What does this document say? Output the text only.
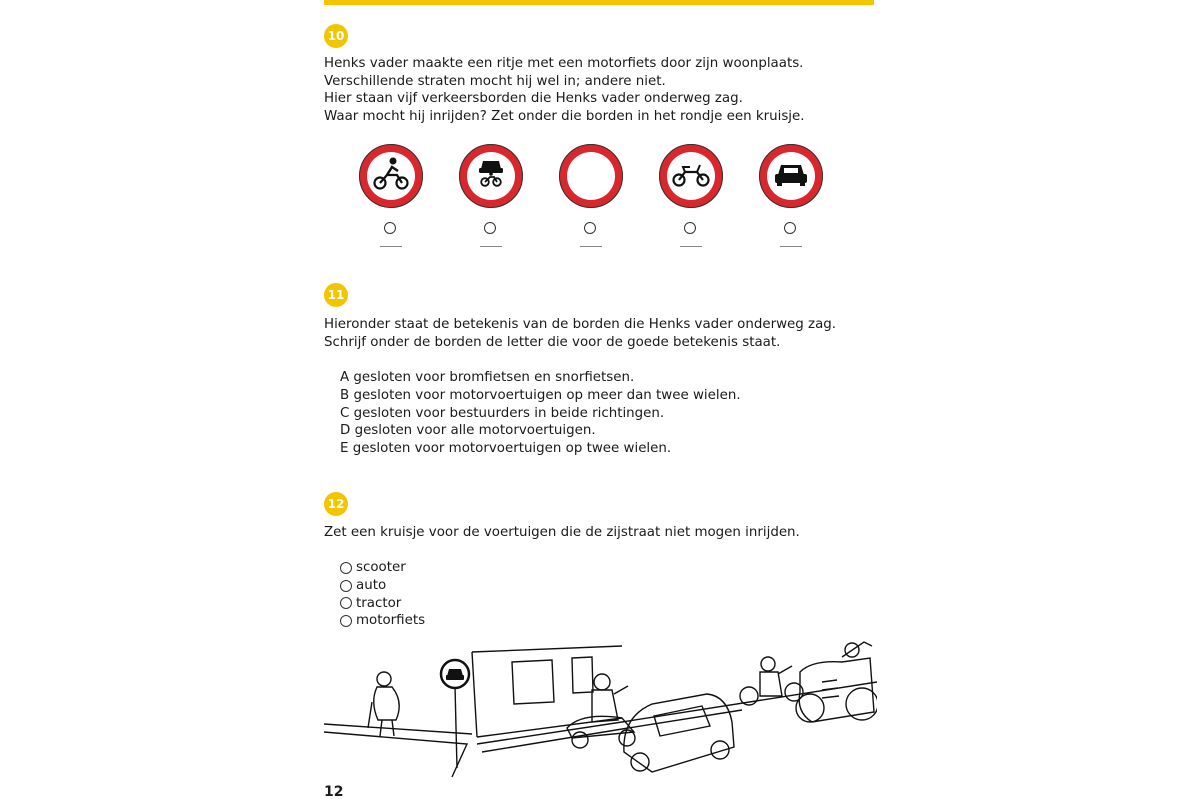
10
Henks vader maakte een ritje met een motorfiets door zijn woonplaats.
Verschillende straten mocht hij wel in; andere niet.
Hier staan vijf verkeersborden die Henks vader onderweg zag.
Waar mocht hij inrijden? Zet onder die borden in het rondje een kruisje.
11
Hieronder staat de betekenis van de borden die Henks vader onderweg zag.
Schrijf onder de borden de letter die voor de goede betekenis staat.
A gesloten voor bromfietsen en snorfietsen.
B gesloten voor motorvoertuigen op meer dan twee wielen.
C gesloten voor bestuurders in beide richtingen.
D gesloten voor alle motorvoertuigen.
E gesloten voor motorvoertuigen op twee wielen.
12
Zet een kruisje voor de voertuigen die de zijstraat niet mogen inrijden.
scooter
auto
tractor
motorfiets
12
